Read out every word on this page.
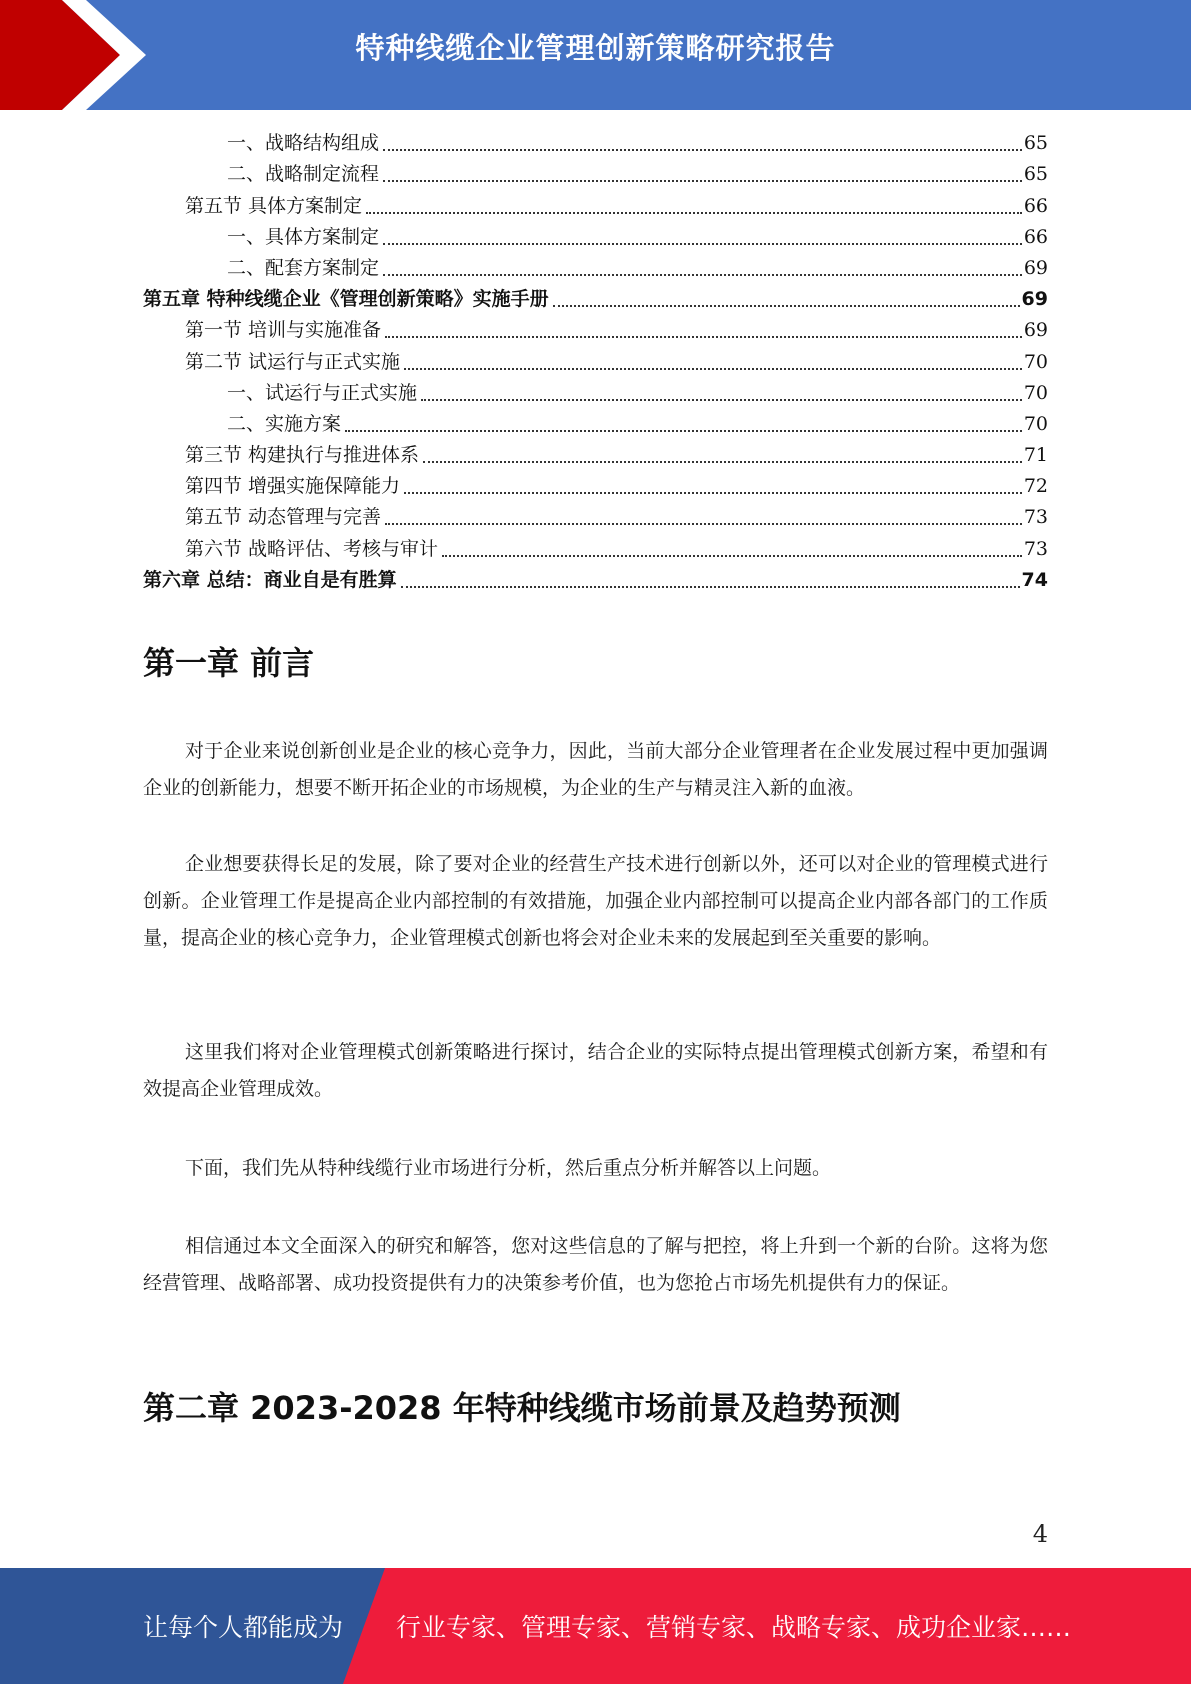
特种线缆企业管理创新策略研究报告
一、战略结构组成	65
二、战略制定流程	65
第五节 具体方案制定	66
一、具体方案制定	66
二、配套方案制定	69
第五章 特种线缆企业《管理创新策略》实施手册	69
第一节 培训与实施准备	69
第二节 试运行与正式实施	70
一、试运行与正式实施	70
二、实施方案	70
第三节 构建执行与推进体系	71
第四节 增强实施保障能力	72
第五节 动态管理与完善	73
第六节 战略评估、考核与审计	73
第六章 总结：商业自是有胜算	74
第一章 前言

对于企业来说创新创业是企业的核心竞争力，因此，当前大部分企业管理者在企业发展过程中更加强调企业的创新能力，想要不断开拓企业的市场规模，为企业的生产与精灵注入新的血液。

企业想要获得长足的发展，除了要对企业的经营生产技术进行创新以外，还可以对企业的管理模式进行创新。企业管理工作是提高企业内部控制的有效措施，加强企业内部控制可以提高企业内部各部门的工作质量，提高企业的核心竞争力，企业管理模式创新也将会对企业未来的发展起到至关重要的影响。

这里我们将对企业管理模式创新策略进行探讨，结合企业的实际特点提出管理模式创新方案，希望和有效提高企业管理成效。

下面，我们先从特种线缆行业市场进行分析，然后重点分析并解答以上问题。

相信通过本文全面深入的研究和解答，您对这些信息的了解与把控，将上升到一个新的台阶。这将为您经营管理、战略部署、成功投资提供有力的决策参考价值，也为您抢占市场先机提供有力的保证。

第二章 2023-2028 年特种线缆市场前景及趋势预测
4
让每个人都能成为 行业专家、管理专家、营销专家、战略专家、成功企业家……
